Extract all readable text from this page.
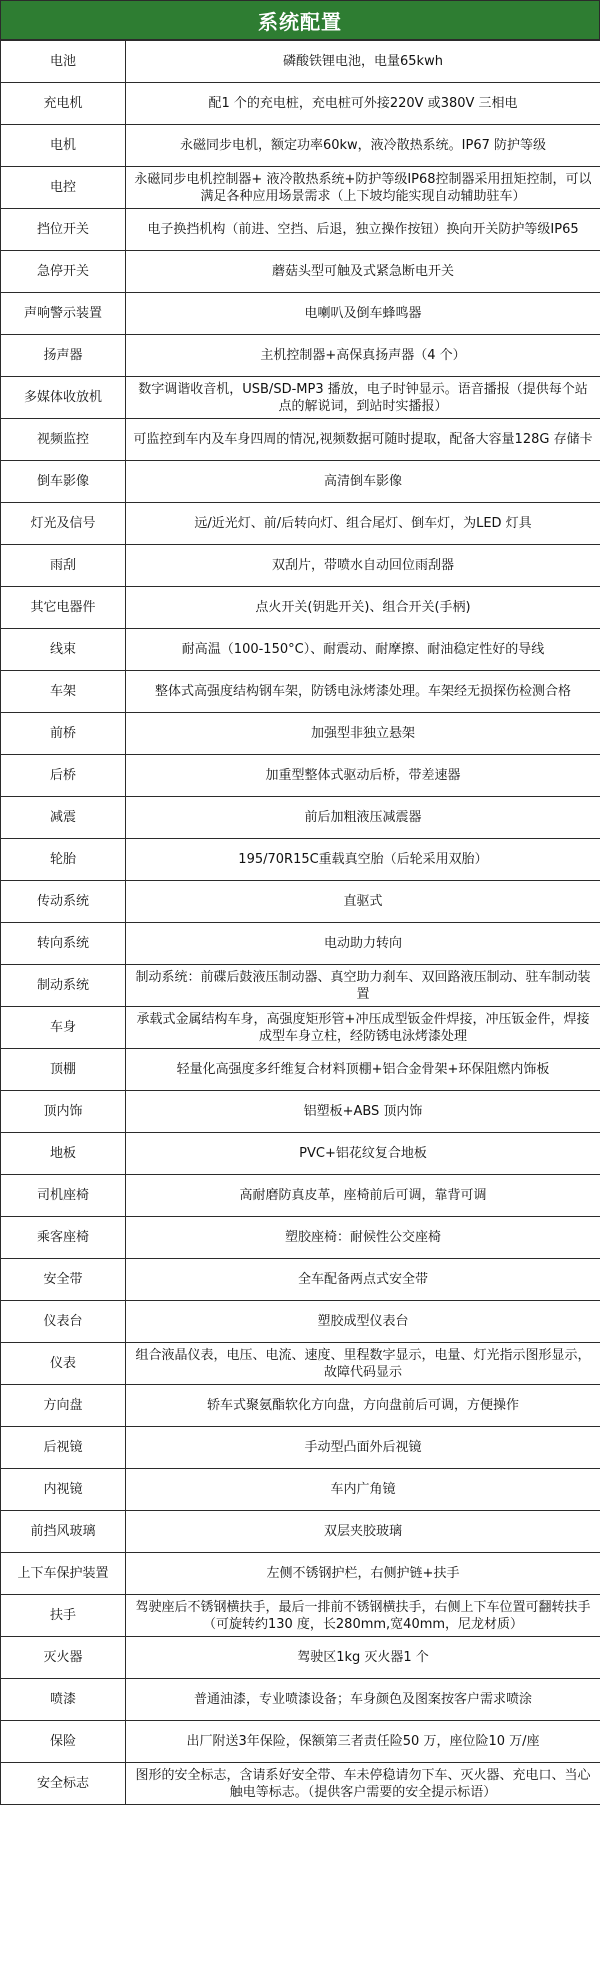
系统配置
电池	磷酸铁锂电池，电量65kwh
充电机	配1 个的充电桩，充电桩可外接220V 或380V 三相电
电机	永磁同步电机，额定功率60kw，液冷散热系统。IP67 防护等级
电控	永磁同步电机控制器+ 液冷散热系统+防护等级IP68控制器采用扭矩控制，可以满足各种应用场景需求（上下坡均能实现自动辅助驻车）
挡位开关	电子换挡机构（前进、空挡、后退，独立操作按钮）换向开关防护等级IP65
急停开关	蘑菇头型可触及式紧急断电开关
声响警示装置	电喇叭及倒车蜂鸣器
扬声器	主机控制器+高保真扬声器（4 个）
多媒体收放机	数字调谐收音机，USB/SD-MP3 播放，电子时钟显示。语音播报（提供每个站点的解说词，到站时实播报）
视频监控	可监控到车内及车身四周的情况,视频数据可随时提取，配备大容量128G 存储卡
倒车影像	高清倒车影像
灯光及信号	远/近光灯、前/后转向灯、组合尾灯、倒车灯，为LED 灯具
雨刮	双刮片，带喷水自动回位雨刮器
其它电器件	点火开关(钥匙开关)、组合开关(手柄)
线束	耐高温（100-150°C）、耐震动、耐摩擦、耐油稳定性好的导线
车架	整体式高强度结构钢车架，防锈电泳烤漆处理。车架经无损探伤检测合格
前桥	加强型非独立悬架
后桥	加重型整体式驱动后桥，带差速器
减震	前后加粗液压减震器
轮胎	195/70R15C重载真空胎（后轮采用双胎）
传动系统	直驱式
转向系统	电动助力转向
制动系统	制动系统：前碟后鼓液压制动器、真空助力刹车、双回路液压制动、驻车制动装置
车身	承载式金属结构车身，高强度矩形管+冲压成型钣金件焊接，冲压钣金件，焊接成型车身立柱，经防锈电泳烤漆处理
顶棚	轻量化高强度多纤维复合材料顶棚+铝合金骨架+环保阻燃内饰板
顶内饰	铝塑板+ABS 顶内饰
地板	PVC+铝花纹复合地板
司机座椅	高耐磨防真皮革，座椅前后可调，靠背可调
乘客座椅	塑胶座椅：耐候性公交座椅
安全带	全车配备两点式安全带
仪表台	塑胶成型仪表台
仪表	组合液晶仪表，电压、电流、速度、里程数字显示，电量、灯光指示图形显示，故障代码显示
方向盘	轿车式聚氨酯软化方向盘，方向盘前后可调，方便操作
后视镜	手动型凸面外后视镜
内视镜	车内广角镜
前挡风玻璃	双层夹胶玻璃
上下车保护装置	左侧不锈钢护栏，右侧护链+扶手
扶手	驾驶座后不锈钢横扶手，最后一排前不锈钢横扶手，右侧上下车位置可翻转扶手（可旋转约130 度，长280mm,宽40mm，尼龙材质）
灭火器	驾驶区1kg 灭火器1 个
喷漆	普通油漆，专业喷漆设备；车身颜色及图案按客户需求喷涂
保险	出厂附送3年保险，保额第三者责任险50 万，座位险10 万/座
安全标志	图形的安全标志，含请系好安全带、车未停稳请勿下车、灭火器、充电口、当心触电等标志。（提供客户需要的安全提示标语）
